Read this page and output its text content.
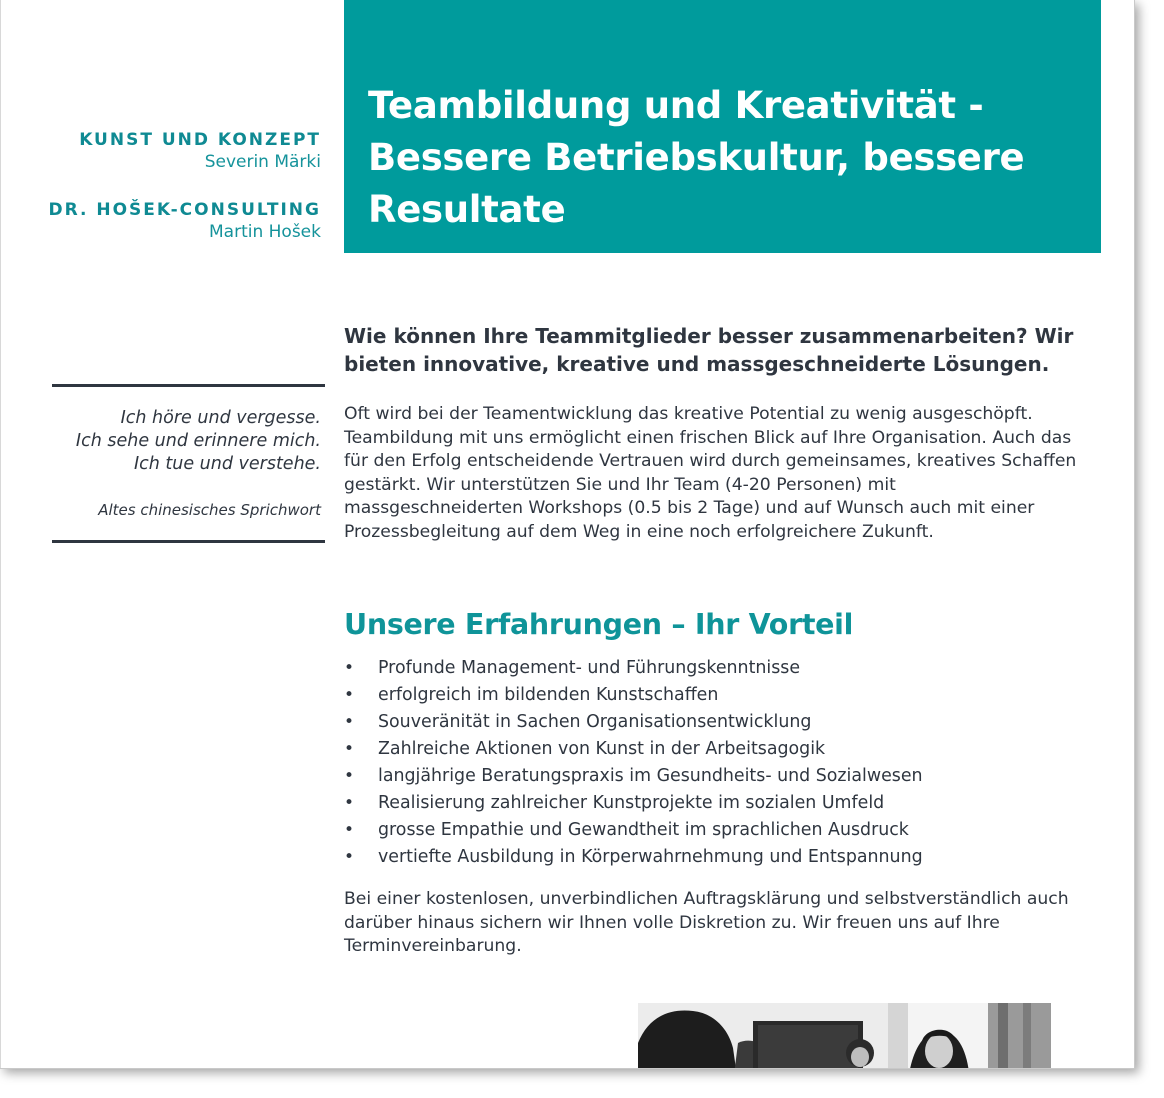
Teambildung und Kreativität - Bessere Betriebskultur, bessere Resultate
KUNST UND KONZEPT
Severin Märki
DR. HOŠEK-CONSULTING
Martin Hošek
Ich höre und vergesse.
Ich sehe und erinnere mich.
Ich tue und verstehe.
Altes chinesisches Sprichwort

Wie können Ihre Teammitglieder besser zusammenarbeiten? Wir bieten innovative, kreative und massgeschneiderte Lösungen.

Oft wird bei der Teamentwicklung das kreative Potential zu wenig ausgeschöpft. Teambildung mit uns ermöglicht einen frischen Blick auf Ihre Organisation. Auch das für den Erfolg entscheidende Vertrauen wird durch gemeinsames, kreatives Schaffen gestärkt. Wir unterstützen Sie und Ihr Team (4-20 Personen) mit massgeschneiderten Workshops (0.5 bis 2 Tage) und auf Wunsch auch mit einer Prozessbegleitung auf dem Weg in eine noch erfolgreichere Zukunft.

Unsere Erfahrungen – Ihr Vorteil
• Profunde Management- und Führungskenntnisse
• erfolgreich im bildenden Kunstschaffen
• Souveränität in Sachen Organisationsentwicklung
• Zahlreiche Aktionen von Kunst in der Arbeitsagogik
• langjährige Beratungspraxis im Gesundheits- und Sozialwesen
• Realisierung zahlreicher Kunstprojekte im sozialen Umfeld
• grosse Empathie und Gewandtheit im sprachlichen Ausdruck
• vertiefte Ausbildung in Körperwahrnehmung und Entspannung

Bei einer kostenlosen, unverbindlichen Auftragsklärung und selbstverständlich auch darüber hinaus sichern wir Ihnen volle Diskretion zu. Wir freuen uns auf Ihre Terminvereinbarung.
